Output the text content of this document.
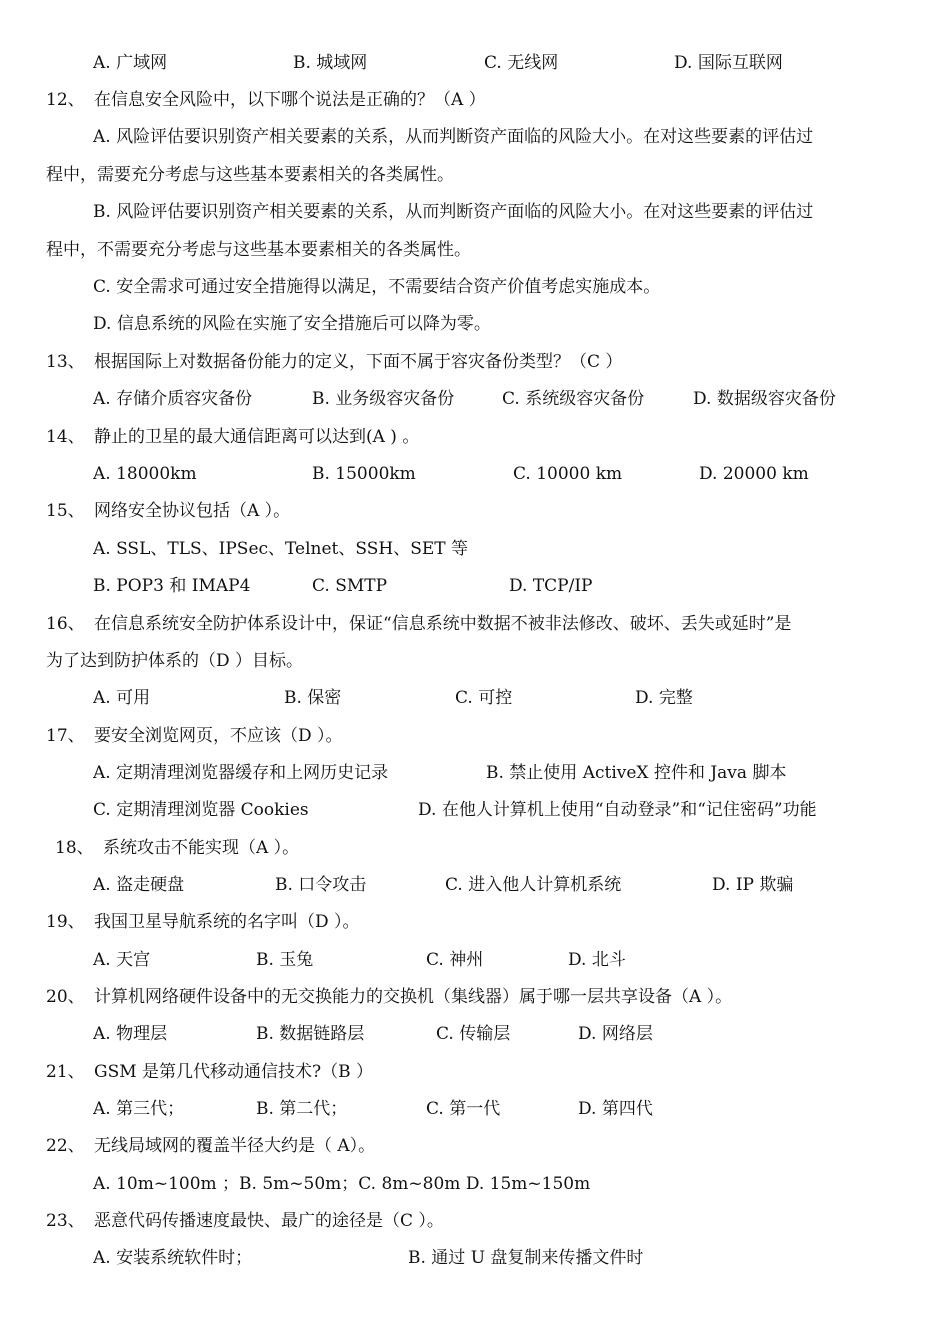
A. 广域网	B. 城域网	C. 无线网	D. 国际互联网
12、 在信息安全风险中，以下哪个说法是正确的？（A ）
A. 风险评估要识别资产相关要素的关系，从而判断资产面临的风险大小。在对这些要素的评估过
程中，需要充分考虑与这些基本要素相关的各类属性。
B. 风险评估要识别资产相关要素的关系，从而判断资产面临的风险大小。在对这些要素的评估过
程中，不需要充分考虑与这些基本要素相关的各类属性。
C. 安全需求可通过安全措施得以满足，不需要结合资产价值考虑实施成本。
D. 信息系统的风险在实施了安全措施后可以降为零。
13、 根据国际上对数据备份能力的定义，下面不属于容灾备份类型？（C ）
A. 存储介质容灾备份	B. 业务级容灾备份	C. 系统级容灾备份	D. 数据级容灾备份
14、 静止的卫星的最大通信距离可以达到(A ) 。
A. 18000km	B. 15000km	C. 10000 km	D. 20000 km
15、 网络安全协议包括（A ）。
A. SSL、TLS、IPSec、Telnet、SSH、SET 等
B. POP3 和 IMAP4	C. SMTP	D. TCP/IP
16、 在信息系统安全防护体系设计中，保证“信息系统中数据不被非法修改、破坏、丢失或延时”是
为了达到防护体系的（D ）目标。
A. 可用	B. 保密	C. 可控	D. 完整
17、 要安全浏览网页，不应该（D ）。
A. 定期清理浏览器缓存和上网历史记录	B. 禁止使用 ActiveX 控件和 Java 脚本
C. 定期清理浏览器 Cookies	D. 在他人计算机上使用“自动登录”和“记住密码”功能
18、 系统攻击不能实现（A ）。
A. 盗走硬盘	B. 口令攻击	C. 进入他人计算机系统	D. IP 欺骗
19、 我国卫星导航系统的名字叫（D ）。
A. 天宫	B. 玉兔	C. 神州	D. 北斗
20、 计算机网络硬件设备中的无交换能力的交换机（集线器）属于哪一层共享设备（A ）。
A. 物理层	B. 数据链路层	C. 传输层	D. 网络层
21、 GSM 是第几代移动通信技术?（B ）
A. 第三代；	B. 第二代；	C. 第一代	D. 第四代
22、 无线局域网的覆盖半径大约是（ A）。
A. 10m~100m ；B. 5m~50m；C. 8m~80m D. 15m~150m
23、 恶意代码传播速度最快、最广的途径是（C ）。
A. 安装系统软件时；	B. 通过 U 盘复制来传播文件时
